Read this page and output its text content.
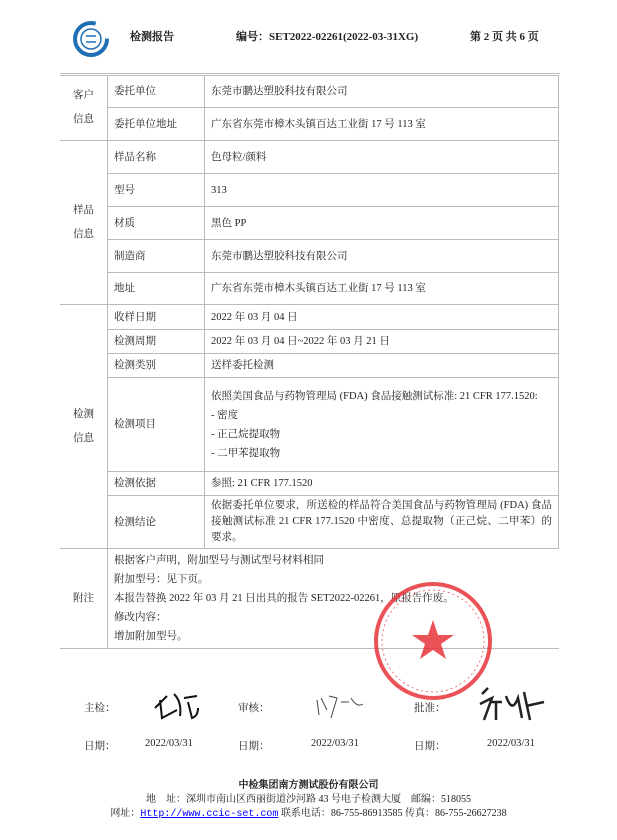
检测报告	编号：SET2022-02261(2022-03-31XG)	第 2 页 共 6 页
客户
信息	委托单位	东莞市鹏达塑胶科技有限公司
	委托单位地址	广东省东莞市樟木头镇百达工业街 17 号 113 室
样品
信息	样品名称	色母粒/颜料
	型号	313
	材质	黑色 PP
	制造商	东莞市鹏达塑胶科技有限公司
	地址	广东省东莞市樟木头镇百达工业街 17 号 113 室
检测
信息	收样日期	2022 年 03 月 04 日
	检测周期	2022 年 03 月 04 日~2022 年 03 月 21 日
	检测类别	送样委托检测
	检测项目	依照美国食品与药物管理局 (FDA) 食品接触测试标准: 21 CFR 177.1520:
- 密度
- 正己烷提取物
- 二甲苯提取物

	检测依据	参照: 21 CFR 177.1520
	检测结论	依据委托单位要求，所送检的样品符合美国食品与药物管理局 (FDA) 食品接触测试标准 21 CFR 177.1520 中密度、总提取物（正己烷、二甲苯）的要求。
附注	根据客户声明，附加型号与测试型号材料相同
附加型号：见下页。
本报告替换 2022 年 03 月 21 日出具的报告 SET2022-02261，原报告作废。
修改内容：
增加附加型号。	
主检：	审核：	批准：
日期：	2022/03/31	日期：	2022/03/31	日期：	2022/03/31
中检集团南方测试股份有限公司
地　址：深圳市南山区西丽街道沙河路 43 号电子检测大厦　邮编：518055
网址：Http://www.ccic-set.com 联系电话：86-755-86913585 传真：86-755-26627238
